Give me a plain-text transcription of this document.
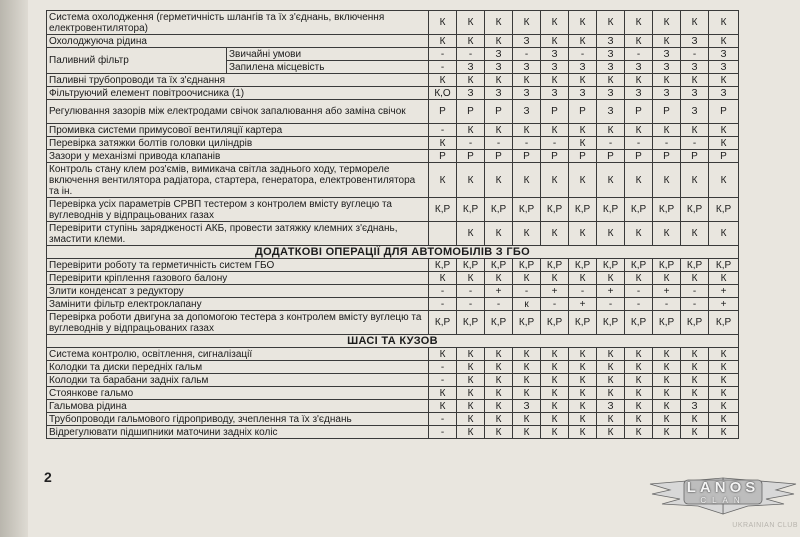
Система охолодження (герметичність шлангів та їх з'єднань, включення електровентилятора)		К	К	К	К	К	К	К	К	К	К	К
Охолоджуюча рідина		К	К	К	З	К	К	З	К	К	З	К
Паливний фільтр	Звичайні умови	-	-	З	-	З	-	З	-	З	-	З
	Запилена місцевість	-	З	З	З	З	З	З	З	З	З	З
Паливні трубопроводи та їх з'єднання		К	К	К	К	К	К	К	К	К	К	К
Фільтруючий елемент повітроочисника (1)		К,О	З	З	З	З	З	З	З	З	З	З
Регулювання зазорів між електродами свічок запалювання або заміна свічок		Р	Р	Р	З	Р	Р	З	Р	Р	З	Р
Промивка системи примусової вентиляції картера		-	К	К	К	К	К	К	К	К	К	К
Перевірка затяжки болтів головки циліндрів		К	-	-	-	-	К	-	-	-	-	К
Зазори у механізмі привода клапанів		Р	Р	Р	Р	Р	Р	Р	Р	Р	Р	Р
Контроль стану клем роз'ємів, вимикача світла заднього ходу, термореле включення вентилятора радіатора, стартера, генератора, електровентилятора та ін.		К	К	К	К	К	К	К	К	К	К	К
Перевірка усіх параметрів СРВП тестером з контролем вмісту вуглецю та вуглеводнів у відпрацьованих газах		К,Р	К,Р	К,Р	К,Р	К,Р	К,Р	К,Р	К,Р	К,Р	К,Р	К,Р
Перевірити ступінь зарядженості АКБ, провести затяжку клемних з'єднань, змастити клеми.			К	К	К	К	К	К	К	К	К	К
ДОДАТКОВІ ОПЕРАЦІЇ ДЛЯ АВТОМОБІЛІВ З ГБО												
Перевірити роботу та герметичність систем ГБО		К,Р	К,Р	К,Р	К,Р	К,Р	К,Р	К,Р	К,Р	К,Р	К,Р	К,Р
Перевірити кріплення газового балону		К	К	К	К	К	К	К	К	К	К	К
Злити конденсат з редуктору		-	-	+	-	+	-	+	-	+	-	+
Замінити фільтр електроклапану		-	-	-	к	-	+	-	-	-	-	+
Перевірка роботи двигуна за допомогою тестера з контролем вмісту вуглецю та вуглеводнів у відпрацьованих газах		К,Р	К,Р	К,Р	К,Р	К,Р	К,Р	К,Р	К,Р	К,Р	К,Р	К,Р
ШАСІ ТА КУЗОВ												
Система контролю, освітлення, сигналізації		К	К	К	К	К	К	К	К	К	К	К
Колодки та диски передніх гальм		-	К	К	К	К	К	К	К	К	К	К
Колодки та барабани задніх гальм		-	К	К	К	К	К	К	К	К	К	К
Стоянкове гальмо		К	К	К	К	К	К	К	К	К	К	К
Гальмова рідина		К	К	К	З	К	К	З	К	К	З	К
Трубопроводи гальмового гідроприводу, зчеплення та їх з'єднань		-	К	К	К	К	К	К	К	К	К	К
Відрегулювати підшипники маточини задніх коліс		-	К	К	К	К	К	К	К	К	К	К
2
LANOS
CLAN
UKRAINIAN CLUB
